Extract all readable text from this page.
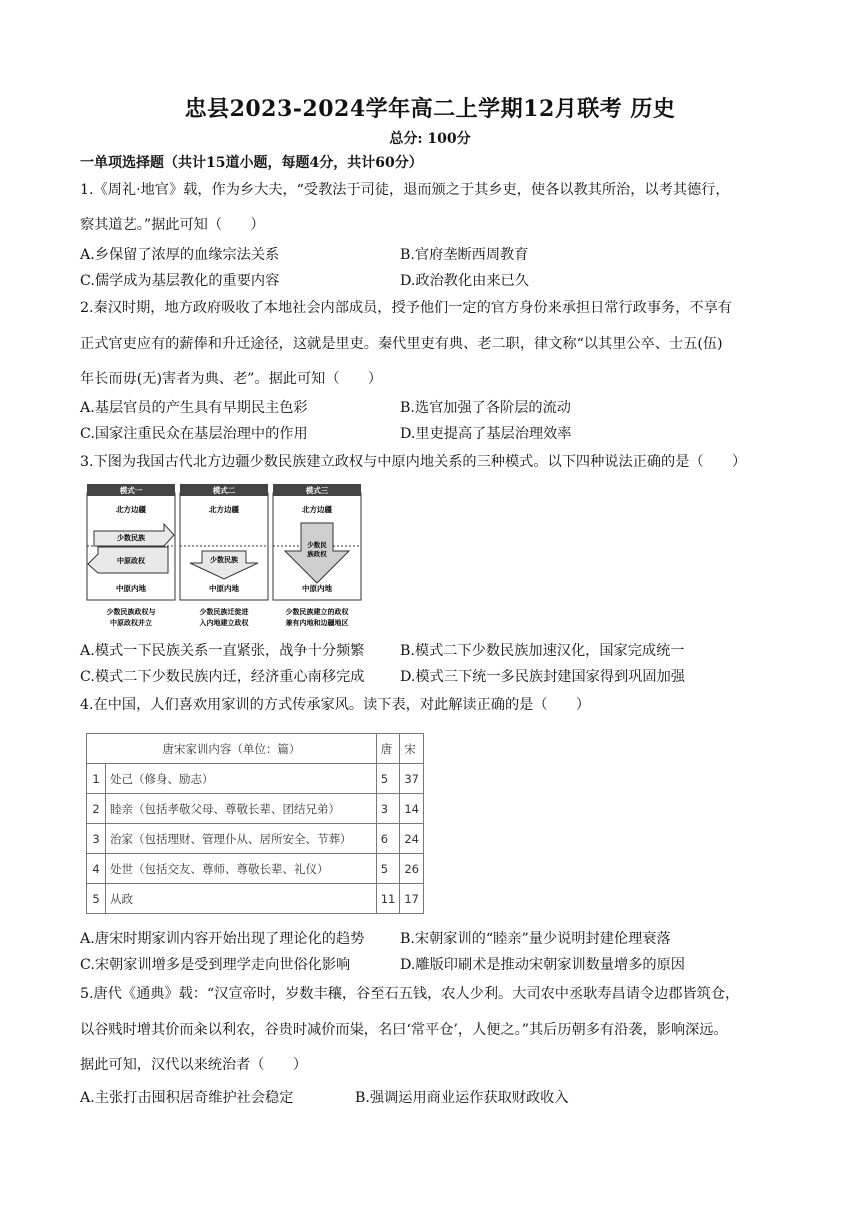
忠县2023-2024学年高二上学期12月联考 历史
总分: 100分
一单项选择题（共计15道小题，每题4分，共计60分）
1.《周礼·地官》载，作为乡大夫，“受教法于司徒，退而颁之于其乡吏，使各以教其所治，以考其德行，
察其道艺。”据此可知（　　）
A.乡保留了浓厚的血缘宗法关系	B.官府垄断西周教育
C.儒学成为基层教化的重要内容	D.政治教化由来已久
2.秦汉时期，地方政府吸收了本地社会内部成员，授予他们一定的官方身份来承担日常行政事务，不享有
正式官吏应有的薪俸和升迁途径，这就是里吏。秦代里吏有典、老二职，律文称“以其里公卒、士五(伍)
年长而毋(无)害者为典、老”。据此可知（　　）
A.基层官员的产生具有早期民主色彩	B.选官加强了各阶层的流动
C.国家注重民众在基层治理中的作用	D.里吏提高了基层治理效率
3.下图为我国古代北方边疆少数民族建立政权与中原内地关系的三种模式。以下四种说法正确的是（　　）
模式一
北方边疆
少数民族
中原政权
中原内地
少数民族政权与
中原政权并立
模式二
北方边疆
少数民族
中原内地
少数民族迁徙进
入内地建立政权
模式三
北方边疆
少数民
族政权
中原内地
少数民族建立的政权
兼有内地和边疆地区
A.模式一下民族关系一直紧张，战争十分频繁	B.模式二下少数民族加速汉化，国家完成统一
C.模式二下少数民族内迁，经济重心南移完成	D.模式三下统一多民族封建国家得到巩固加强
4.在中国，人们喜欢用家训的方式传承家风。读下表，对此解读正确的是（　　）
唐宋家训内容（单位：篇）		唐	宋
1	处己（修身、励志）	5	37
2	睦亲（包括孝敬父母、尊敬长辈、团结兄弟）	3	14
3	治家（包括理财、管理仆从、居所安全、节葬）	6	24
4	处世（包括交友、尊师、尊敬长辈、礼仪）	5	26
5	从政	11	17
A.唐宋时期家训内容开始出现了理论化的趋势	B.宋朝家训的“睦亲”量少说明封建伦理衰落
C.宋朝家训增多是受到理学走向世俗化影响	D.雕版印刷术是推动宋朝家训数量增多的原因
5.唐代《通典》载：“汉宣帝时，岁数丰穰，谷至石五钱，农人少利。大司农中丞耿寿昌请令边郡皆筑仓，
以谷贱时增其价而籴以利农，谷贵时减价而粜，名曰‘常平仓’，人便之。”其后历朝多有沿袭，影响深远。
据此可知，汉代以来统治者（　　）
A.主张打击囤积居奇维护社会稳定	B.强调运用商业运作获取财政收入
